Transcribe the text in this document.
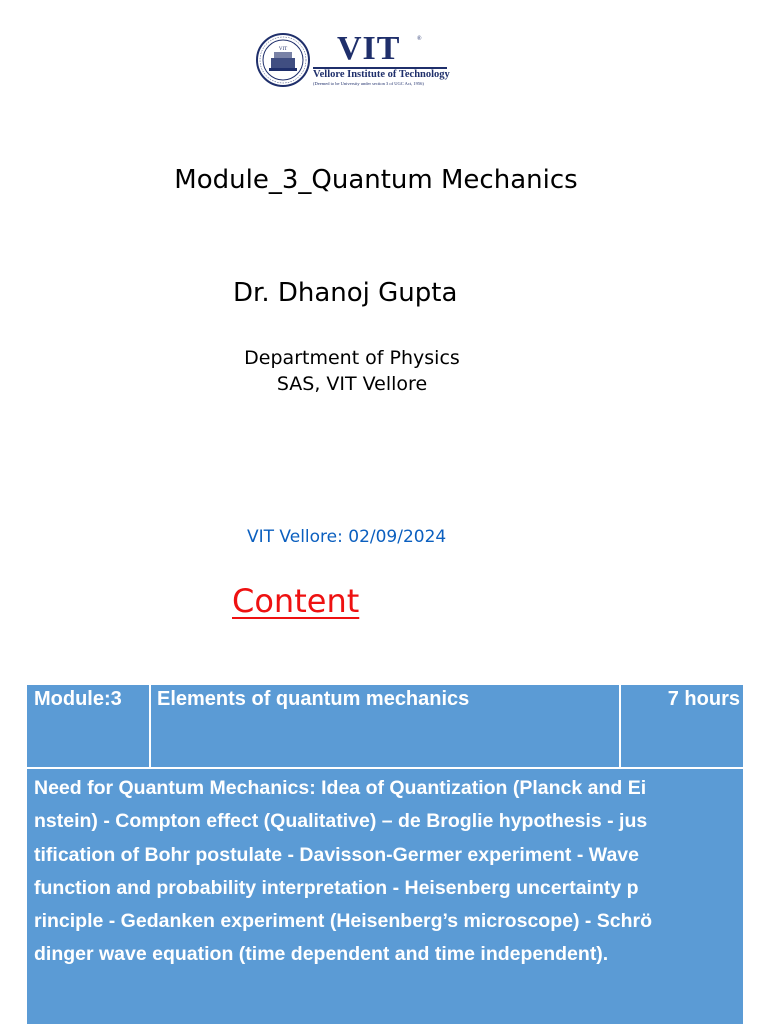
VIT VIT	®
Vellore Institute of Technology
(Deemed to be University under section 3 of UGC Act, 1956)
Module_3_Quantum Mechanics
Dr. Dhanoj Gupta
Department of Physics
SAS, VIT Vellore
VIT Vellore: 02/09/2024
Content
Module:3	Elements of quantum mechanics	7 hours
Need for Quantum Mechanics: Idea of Quantization (Planck and Ei
nstein) - Compton effect (Qualitative) – de Broglie hypothesis - jus
tification of Bohr postulate - Davisson-Germer experiment - Wave
function and probability interpretation - Heisenberg uncertainty p
rinciple - Gedanken experiment (Heisenberg’s microscope) - Schrö
dinger wave equation (time dependent and time independent).
